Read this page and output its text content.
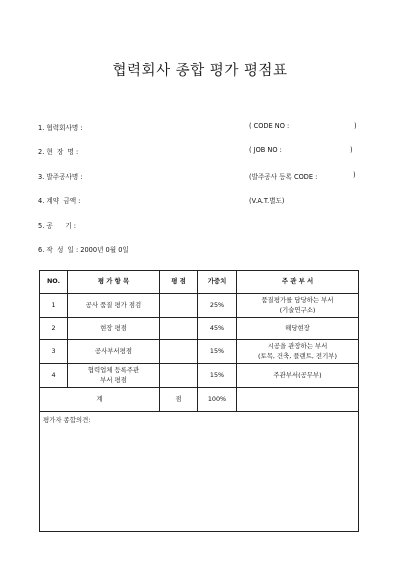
협력회사 종합 평가 평점표
1. 협력회사명 :
2. 현  장  명 :
3. 발주공사명 :
4. 계약  금액 :
5. 공      기 :
6. 작  성  일 : 2000년 0월 0일
( CODE NO :	)
( JOB NO :	)
(발주공사 등록 CODE :	)
(V.A.T.별도)
NO.	평 가 항 목	평 점	가중치	주 관 부 서
1	공사 품질 평가 점검		25%	품질평가를 담당하는 부서
(기술연구소)

2	현장 평점		45%	해당현장
3	공사부서평점		15%	시공을 관장하는 부서
(토목, 건축, 플랜트, 전기부)

4	협력업체 등록주관
부서 평점		15%	주관부서(공무부)
계		점	100%	
평가자 종합의견:				
